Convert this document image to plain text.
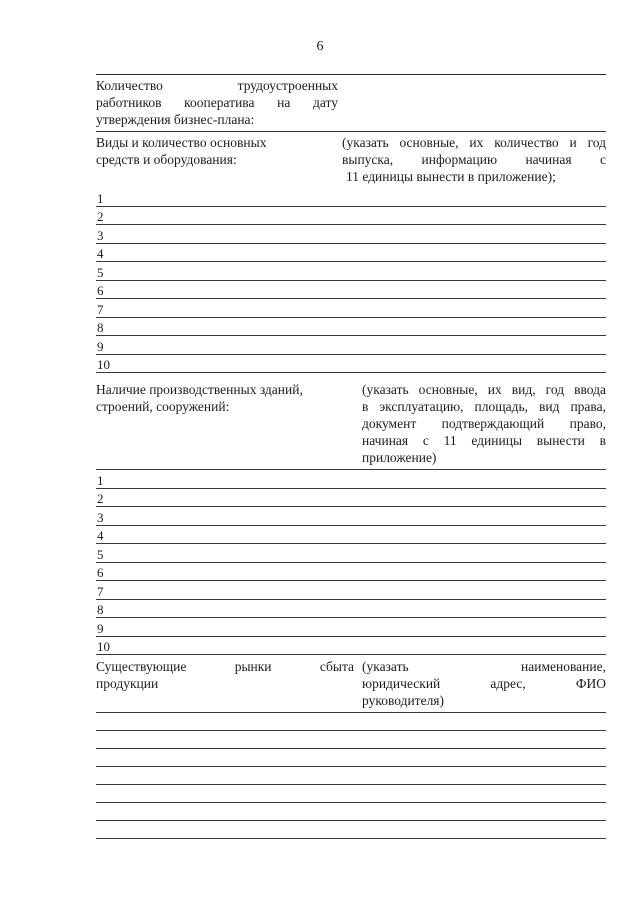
6
Количество трудоустроенных
работников кооператива на дату
утверждения бизнес-плана:
Виды и количество основных
средств и оборудования:
(указать основные, их количество и год
выпуска, информацию начиная с
11 единицы вынести в приложение);
1
2
3
4
5
6
7
8
9
10
Наличие производственных зданий,
строений, сооружений:
(указать основные, их вид, год ввода
в эксплуатацию, площадь, вид права,
документ подтверждающий право,
начиная с 11 единицы вынести в
приложение)
1
2
3
4
5
6
7
8
9
10
Существующие рынки сбыта
продукции
(указать наименование,
юридический адрес, ФИО
руководителя)
